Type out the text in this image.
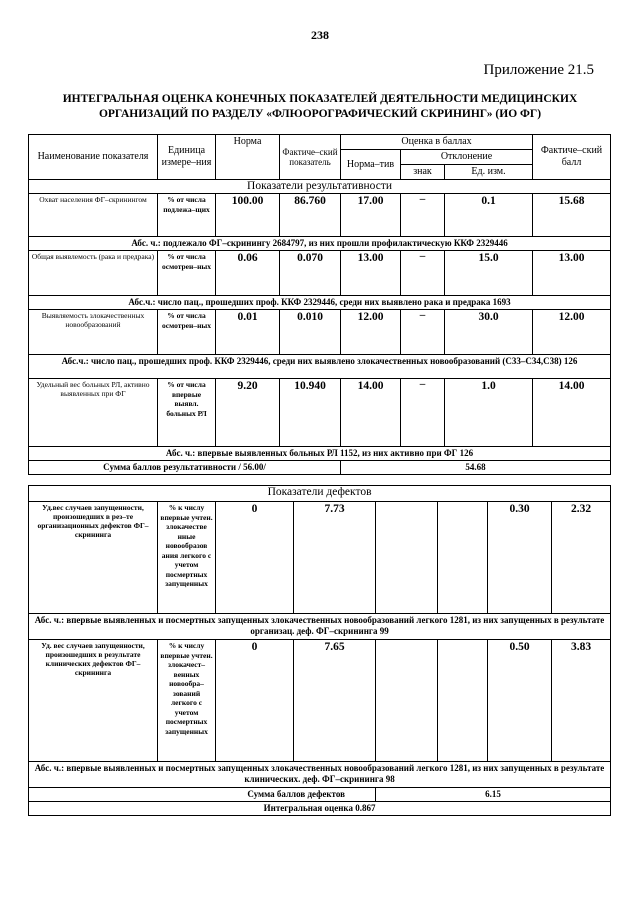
238
Приложение 21.5
ИНТЕГРАЛЬНАЯ ОЦЕНКА КОНЕЧНЫХ ПОКАЗАТЕЛЕЙ ДЕЯТЕЛЬНОСТИ МЕДИЦИНСКИХ
ОРГАНИЗАЦИЙ ПО РАЗДЕЛУ «ФЛЮОРОГРАФИЧЕСКИЙ СКРИНИНГ» (ИО ФГ)
Наименование показателя	Единица измере–ния	Норма	Фактиче–ский показатель	Оценка в баллах			Фактиче–ский балл
				Норма–тив	Отклонение		
					знак	Ед. изм.	
Показатели результативности							
Охват населения ФГ–скринингом	% от числа подлежа–щих	100.00	86.760	17.00	–	0.1	15.68
Абс. ч.: подлежало ФГ–скринингу 2684797, из них прошли профилактическую ККФ 2329446							
Общая выявлемость (рака и предрака)	% от числа осмотрен–ных	0.06	0.070	13.00	–	15.0	13.00
Абс.ч.: число пац., прошедших проф. ККФ 2329446, среди них выявлено рака и предрака 1693							
Выявляемость злокачественных новообразований	% от числа осмотрен–ных	0.01	0.010	12.00	–	30.0	12.00
Абс.ч.: число пац., прошедших проф. ККФ 2329446, среди них выявлено злокачественных новообразований (С33–С34,С38) 126							
Удельный вес больных РЛ, активно выявленных при ФГ	% от числа впервые выявл. больных РЛ	9.20	10.940	14.00	–	1.0	14.00
Абс. ч.: впервые выявленных больных РЛ 1152, из них активно при ФГ 126							
Сумма баллов результативности / 56.00/				54.68			
Показатели дефектов							
Уд.вес случаев запущенности, произошедших в рез–те организационных дефектов ФГ–скрининга	% к числу впервые учтен. злокачестве нные новообразов ания легкого с учетом посмертных запущенных	0	7.73			0.30	2.32
Абс. ч.: впервые выявленных и посмертных запущенных злокачественных новообразований легкого 1281, из них запущенных в результате организац. деф. ФГ–скрининга 99							
Уд. вес случаев запущенности, произошедших в результате клинических дефектов ФГ–скрининга	% к числу впервые учтен. злокачест–венных новообра–зований легкого с учетом посмертных запущенных	0	7.65			0.50	3.83
Абс. ч.: впервые выявленных и посмертных запущенных злокачественных новообразований легкого 1281, из них запущенных в результате клинических. деф. ФГ–скрининга 98							
Сумма баллов дефектов				6.15			
Интегральная оценка 0.867							
